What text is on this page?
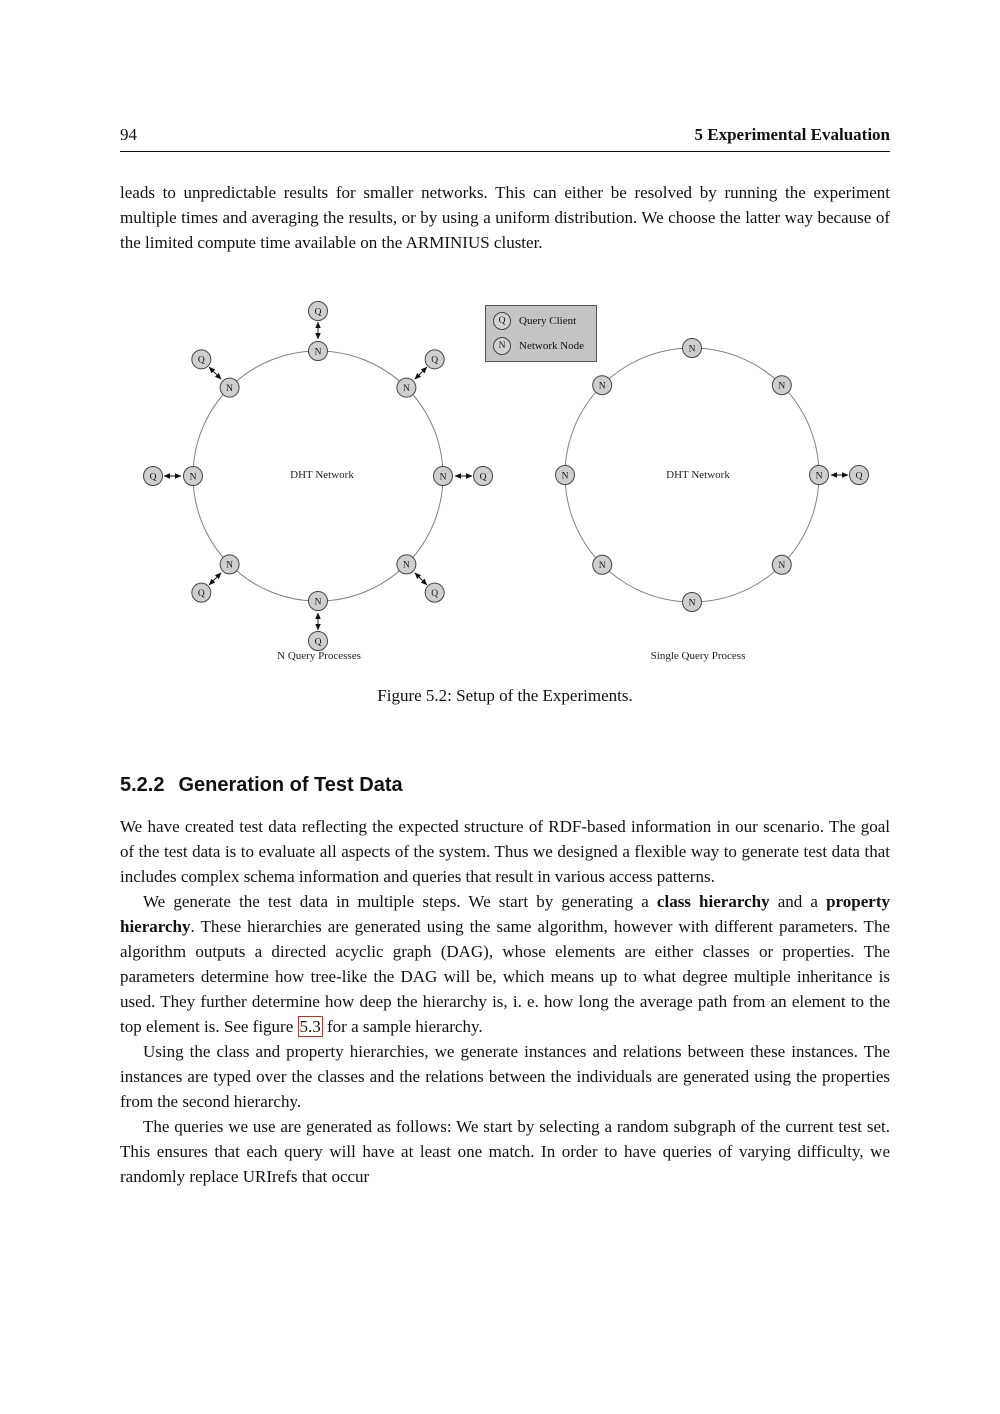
94	5 Experimental Evaluation

leads to unpredictable results for smaller networks. This can either be resolved by running the experiment multiple times and averaging the results, or by using a uniform distribution. We choose the latter way because of the limited compute time available on the ARMINIUS cluster.

Q
N
Q
N
Q
N
Q
N
Q
N
Q
N
Q	N
Q
N
N
N
Q
N
N
N
N
N
N
Q	Query Client
N	Network Node
DHT Network	DHT Network
N Query Processes	Single Query Process
Figure 5.2: Setup of the Experiments.
5.2.2 Generation of Test Data

We have created test data reflecting the expected structure of RDF-based information in our scenario. The goal of the test data is to evaluate all aspects of the system. Thus we designed a flexible way to generate test data that includes complex schema information and queries that result in various access patterns.

We generate the test data in multiple steps. We start by generating a class hierarchy and a property hierarchy. These hierarchies are generated using the same algorithm, however with different parameters. The algorithm outputs a directed acyclic graph (DAG), whose elements are either classes or properties. The parameters determine how tree-like the DAG will be, which means up to what degree multiple inheritance is used. They further determine how deep the hierarchy is, i. e. how long the average path from an element to the top element is. See figure 5.3 for a sample hierarchy.

Using the class and property hierarchies, we generate instances and relations between these instances. The instances are typed over the classes and the relations between the individuals are generated using the properties from the second hierarchy.

The queries we use are generated as follows: We start by selecting a random subgraph of the current test set. This ensures that each query will have at least one match. In order to have queries of varying difficulty, we randomly replace URIrefs that occur
